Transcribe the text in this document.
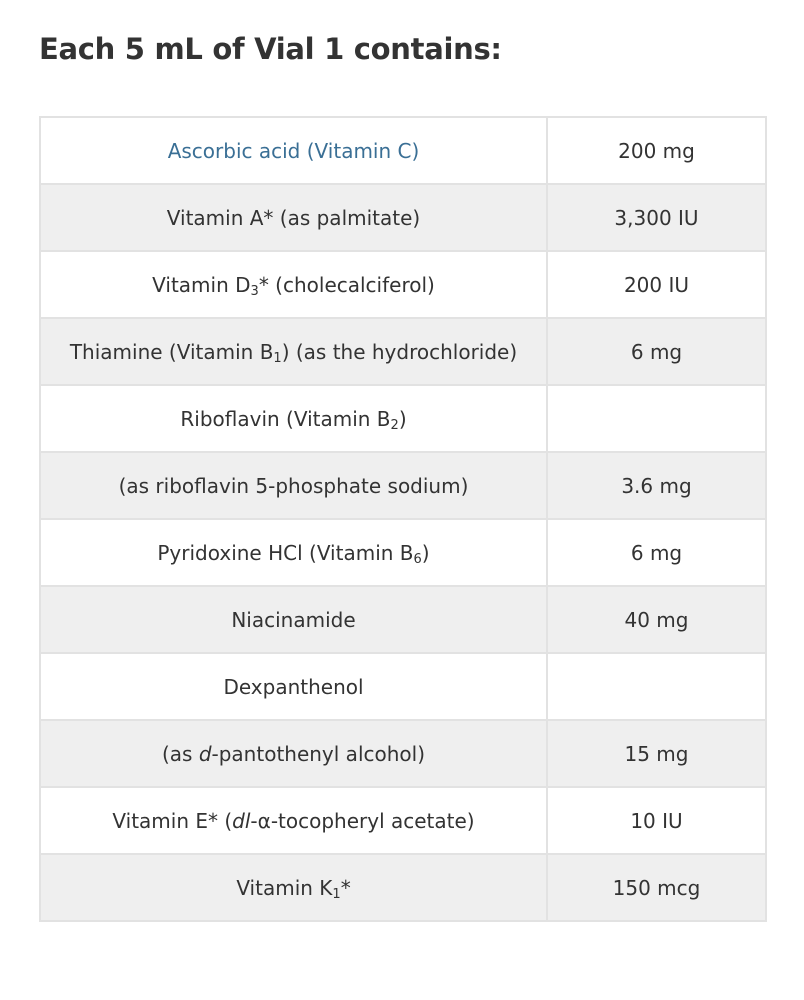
Each 5 mL of Vial 1 contains:
Ascorbic acid (Vitamin C)	200 mg
Vitamin A* (as palmitate)	3,300 IU
Vitamin $D_3*$ (cholecalciferol)	200 IU
Thiamine (Vitamin $B_1$) (as the hydrochloride)	6 mg
Riboflavin (Vitamin $B_2$)	
(as riboflavin 5-phosphate sodium)	3.6 mg
Pyridoxine HCl (Vitamin $B_6$)	6 mg
Niacinamide	40 mg
Dexpanthenol	
(as d-pantothenyl alcohol)	15 mg
Vitamin E* (dl-α-tocopheryl acetate)	10 IU
Vitamin $K_1*$	150 mcg
